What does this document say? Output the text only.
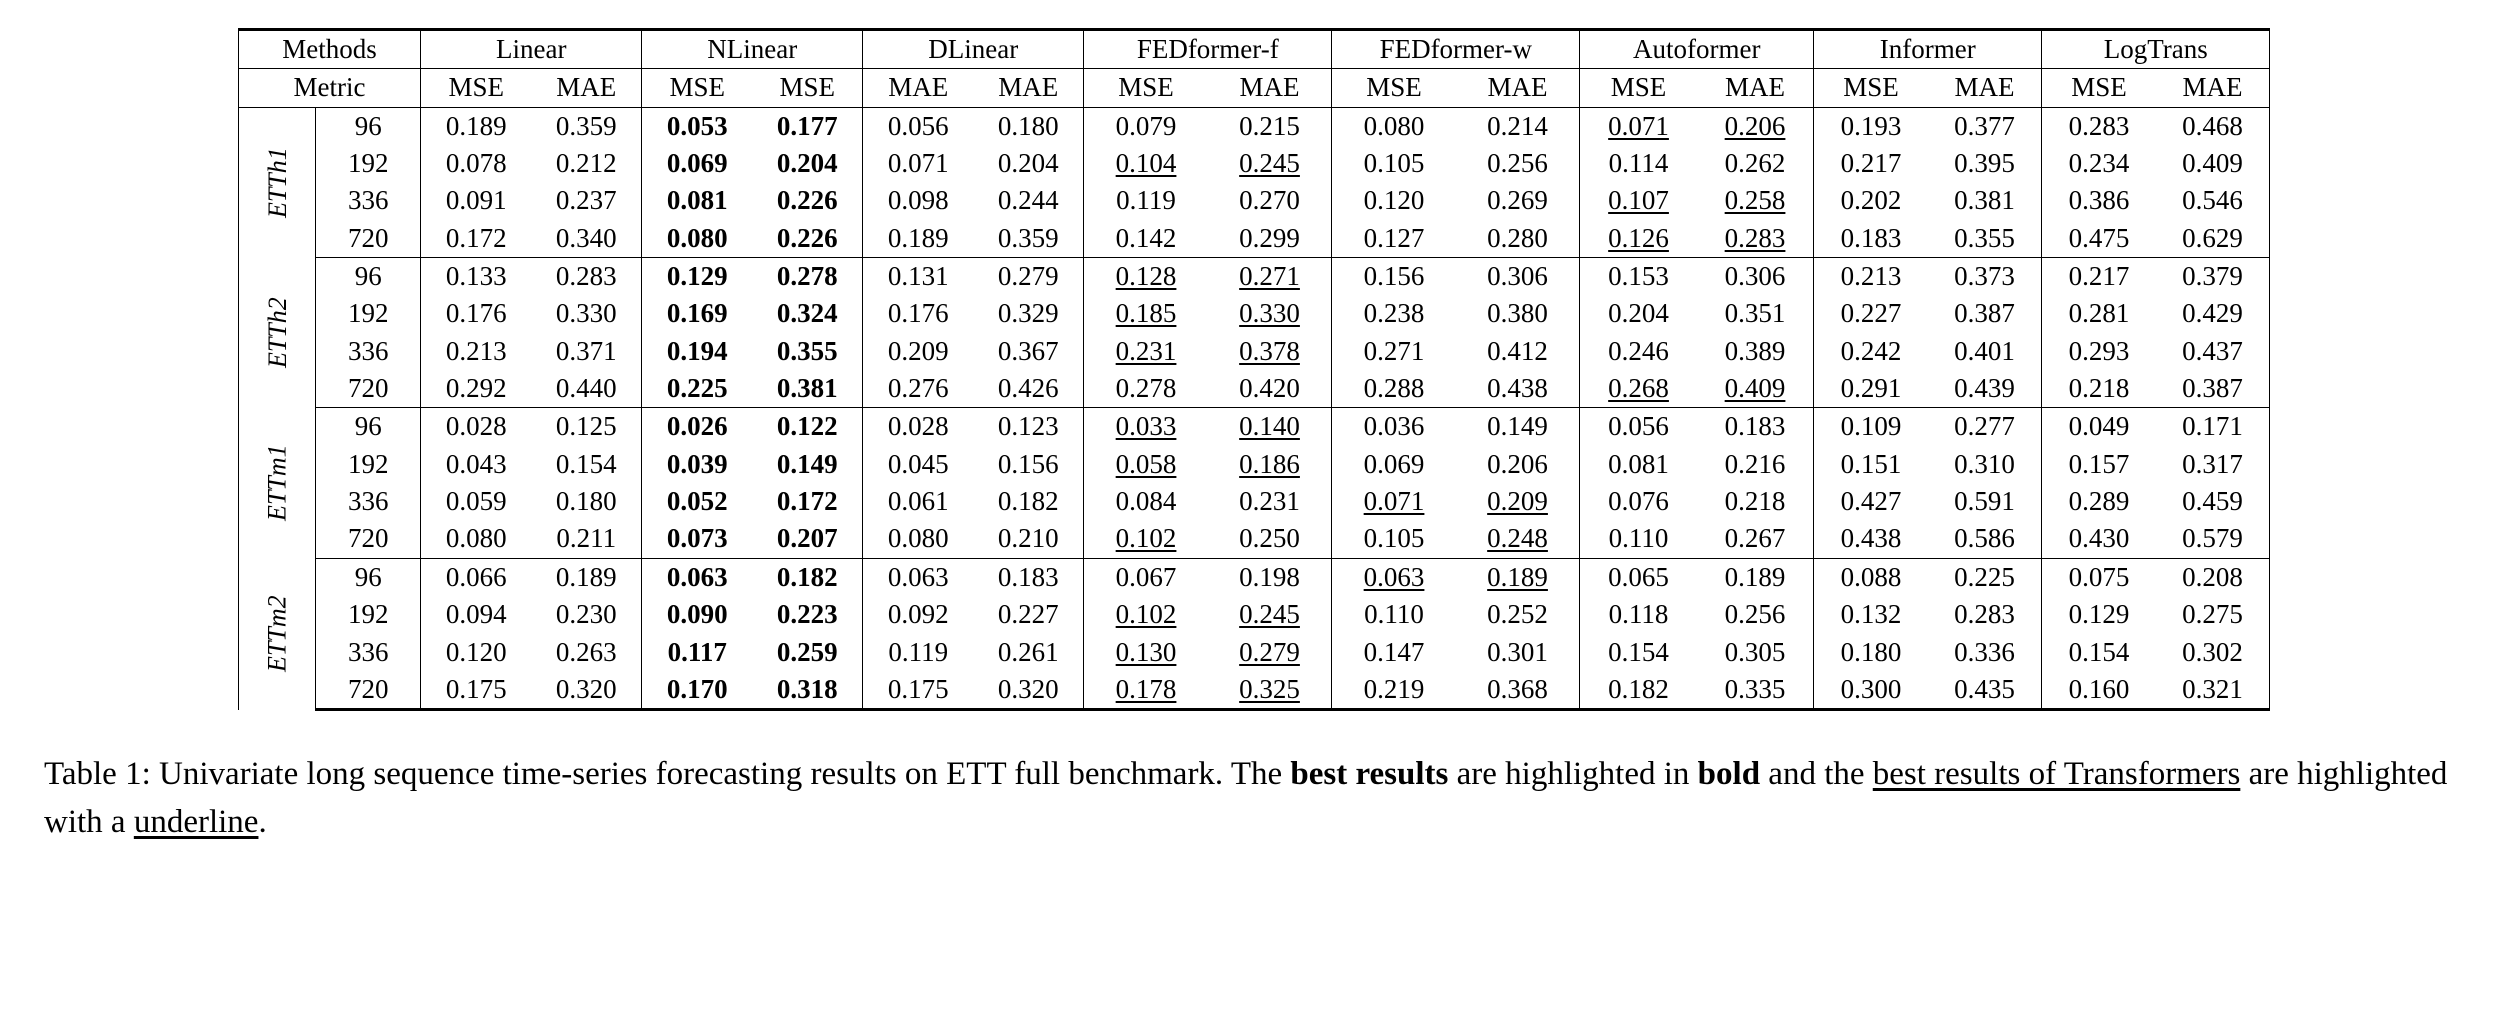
Methods		Linear		NLinear		DLinear		FEDformer-f		FEDformer-w		Autoformer		Informer		LogTrans	
Metric		MSE	MAE	MSE	MSE	MAE	MAE	MSE	MAE	MSE	MAE	MSE	MAE	MSE	MAE	MSE	MAE
ETTh1	96	0.189	0.359	0.053	0.177	0.056	0.180	0.079	0.215	0.080	0.214	0.071	0.206	0.193	0.377	0.283	0.468
	192	0.078	0.212	0.069	0.204	0.071	0.204	0.104	0.245	0.105	0.256	0.114	0.262	0.217	0.395	0.234	0.409
	336	0.091	0.237	0.081	0.226	0.098	0.244	0.119	0.270	0.120	0.269	0.107	0.258	0.202	0.381	0.386	0.546
	720	0.172	0.340	0.080	0.226	0.189	0.359	0.142	0.299	0.127	0.280	0.126	0.283	0.183	0.355	0.475	0.629
ETTh2	96	0.133	0.283	0.129	0.278	0.131	0.279	0.128	0.271	0.156	0.306	0.153	0.306	0.213	0.373	0.217	0.379
	192	0.176	0.330	0.169	0.324	0.176	0.329	0.185	0.330	0.238	0.380	0.204	0.351	0.227	0.387	0.281	0.429
	336	0.213	0.371	0.194	0.355	0.209	0.367	0.231	0.378	0.271	0.412	0.246	0.389	0.242	0.401	0.293	0.437
	720	0.292	0.440	0.225	0.381	0.276	0.426	0.278	0.420	0.288	0.438	0.268	0.409	0.291	0.439	0.218	0.387
ETTm1	96	0.028	0.125	0.026	0.122	0.028	0.123	0.033	0.140	0.036	0.149	0.056	0.183	0.109	0.277	0.049	0.171
	192	0.043	0.154	0.039	0.149	0.045	0.156	0.058	0.186	0.069	0.206	0.081	0.216	0.151	0.310	0.157	0.317
	336	0.059	0.180	0.052	0.172	0.061	0.182	0.084	0.231	0.071	0.209	0.076	0.218	0.427	0.591	0.289	0.459
	720	0.080	0.211	0.073	0.207	0.080	0.210	0.102	0.250	0.105	0.248	0.110	0.267	0.438	0.586	0.430	0.579
ETTm2	96	0.066	0.189	0.063	0.182	0.063	0.183	0.067	0.198	0.063	0.189	0.065	0.189	0.088	0.225	0.075	0.208
	192	0.094	0.230	0.090	0.223	0.092	0.227	0.102	0.245	0.110	0.252	0.118	0.256	0.132	0.283	0.129	0.275
	336	0.120	0.263	0.117	0.259	0.119	0.261	0.130	0.279	0.147	0.301	0.154	0.305	0.180	0.336	0.154	0.302
	720	0.175	0.320	0.170	0.318	0.175	0.320	0.178	0.325	0.219	0.368	0.182	0.335	0.300	0.435	0.160	0.321
Table 1: Univariate long sequence time-series forecasting results on ETT full benchmark. The best results are highlighted in bold and the best results of Transformers are highlighted with a underline.
